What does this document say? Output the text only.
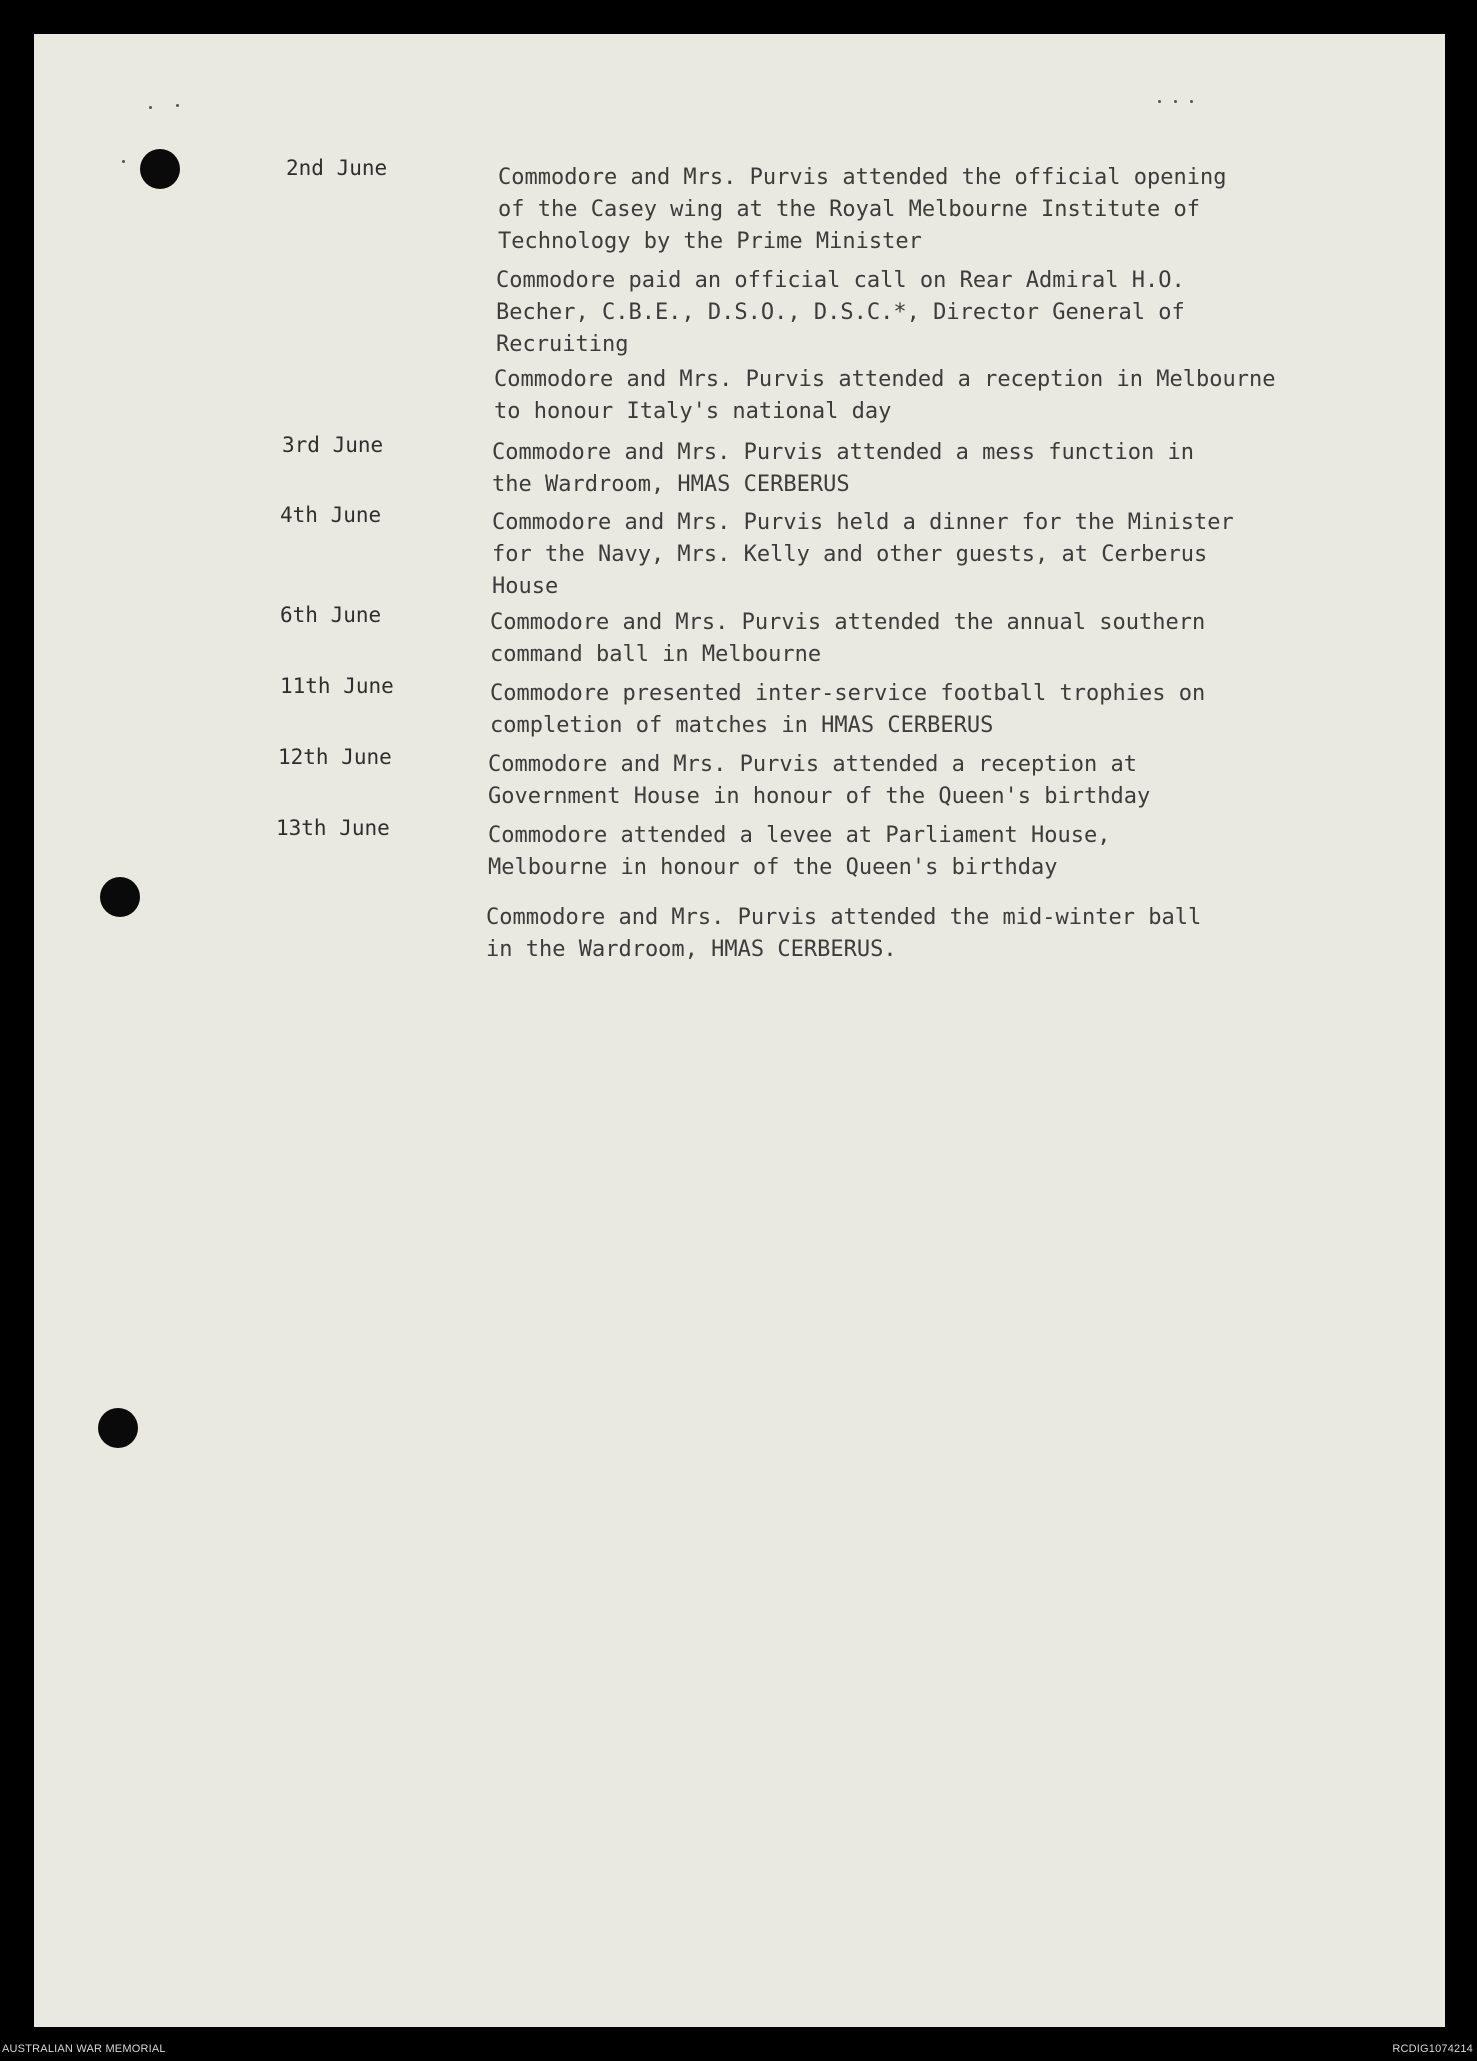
2nd June	Commodore and Mrs. Purvis attended the official opening
of the Casey wing at the Royal Melbourne Institute of
Technology by the Prime Minister
Commodore paid an official call on Rear Admiral H.O.
Becher, C.B.E., D.S.O., D.S.C.*, Director General of
Recruiting
Commodore and Mrs. Purvis attended a reception in Melbourne
to honour Italy's national day
3rd June	Commodore and Mrs. Purvis attended a mess function in
the Wardroom, HMAS CERBERUS
4th June	Commodore and Mrs. Purvis held a dinner for the Minister
for the Navy, Mrs. Kelly and other guests, at Cerberus
House
6th June	Commodore and Mrs. Purvis attended the annual southern
command ball in Melbourne
11th June	Commodore presented inter-service football trophies on
completion of matches in HMAS CERBERUS
12th June	Commodore and Mrs. Purvis attended a reception at
Government House in honour of the Queen's birthday
13th June	Commodore attended a levee at Parliament House,
Melbourne in honour of the Queen's birthday
Commodore and Mrs. Purvis attended the mid-winter ball
in the Wardroom, HMAS CERBERUS.
AUSTRALIAN WAR MEMORIAL	RCDIG1074214
